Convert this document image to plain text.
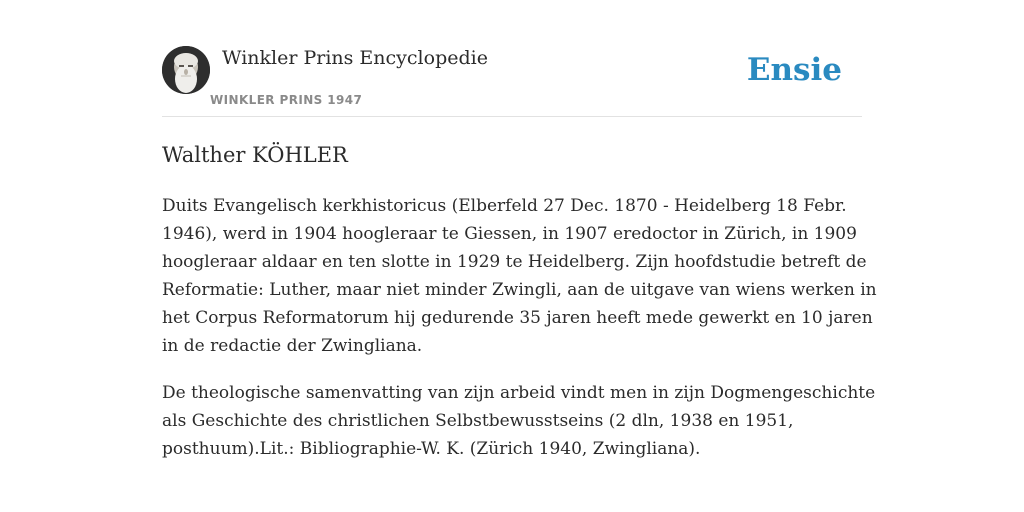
Winkler Prins Encyclopedie
WINKLER PRINS 1947
Ensie
Walther KÖHLER

Duits Evangelisch kerkhistoricus (Elberfeld 27 Dec. 1870 - Heidelberg 18 Febr.
1946), werd in 1904 hoogleraar te Giessen, in 1907 eredoctor in Zürich, in 1909
hoogleraar aldaar en ten slotte in 1929 te Heidelberg. Zijn hoofdstudie betreft de
Reformatie: Luther, maar niet minder Zwingli, aan de uitgave van wiens werken in
het Corpus Reformatorum hij gedurende 35 jaren heeft mede gewerkt en 10 jaren
in de redactie der Zwingliana.

De theologische samenvatting van zijn arbeid vindt men in zijn Dogmengeschichte
als Geschichte des christlichen Selbstbewusstseins (2 dln, 1938 en 1951,
posthuum).Lit.: Bibliographie-W. K. (Zürich 1940, Zwingliana).
